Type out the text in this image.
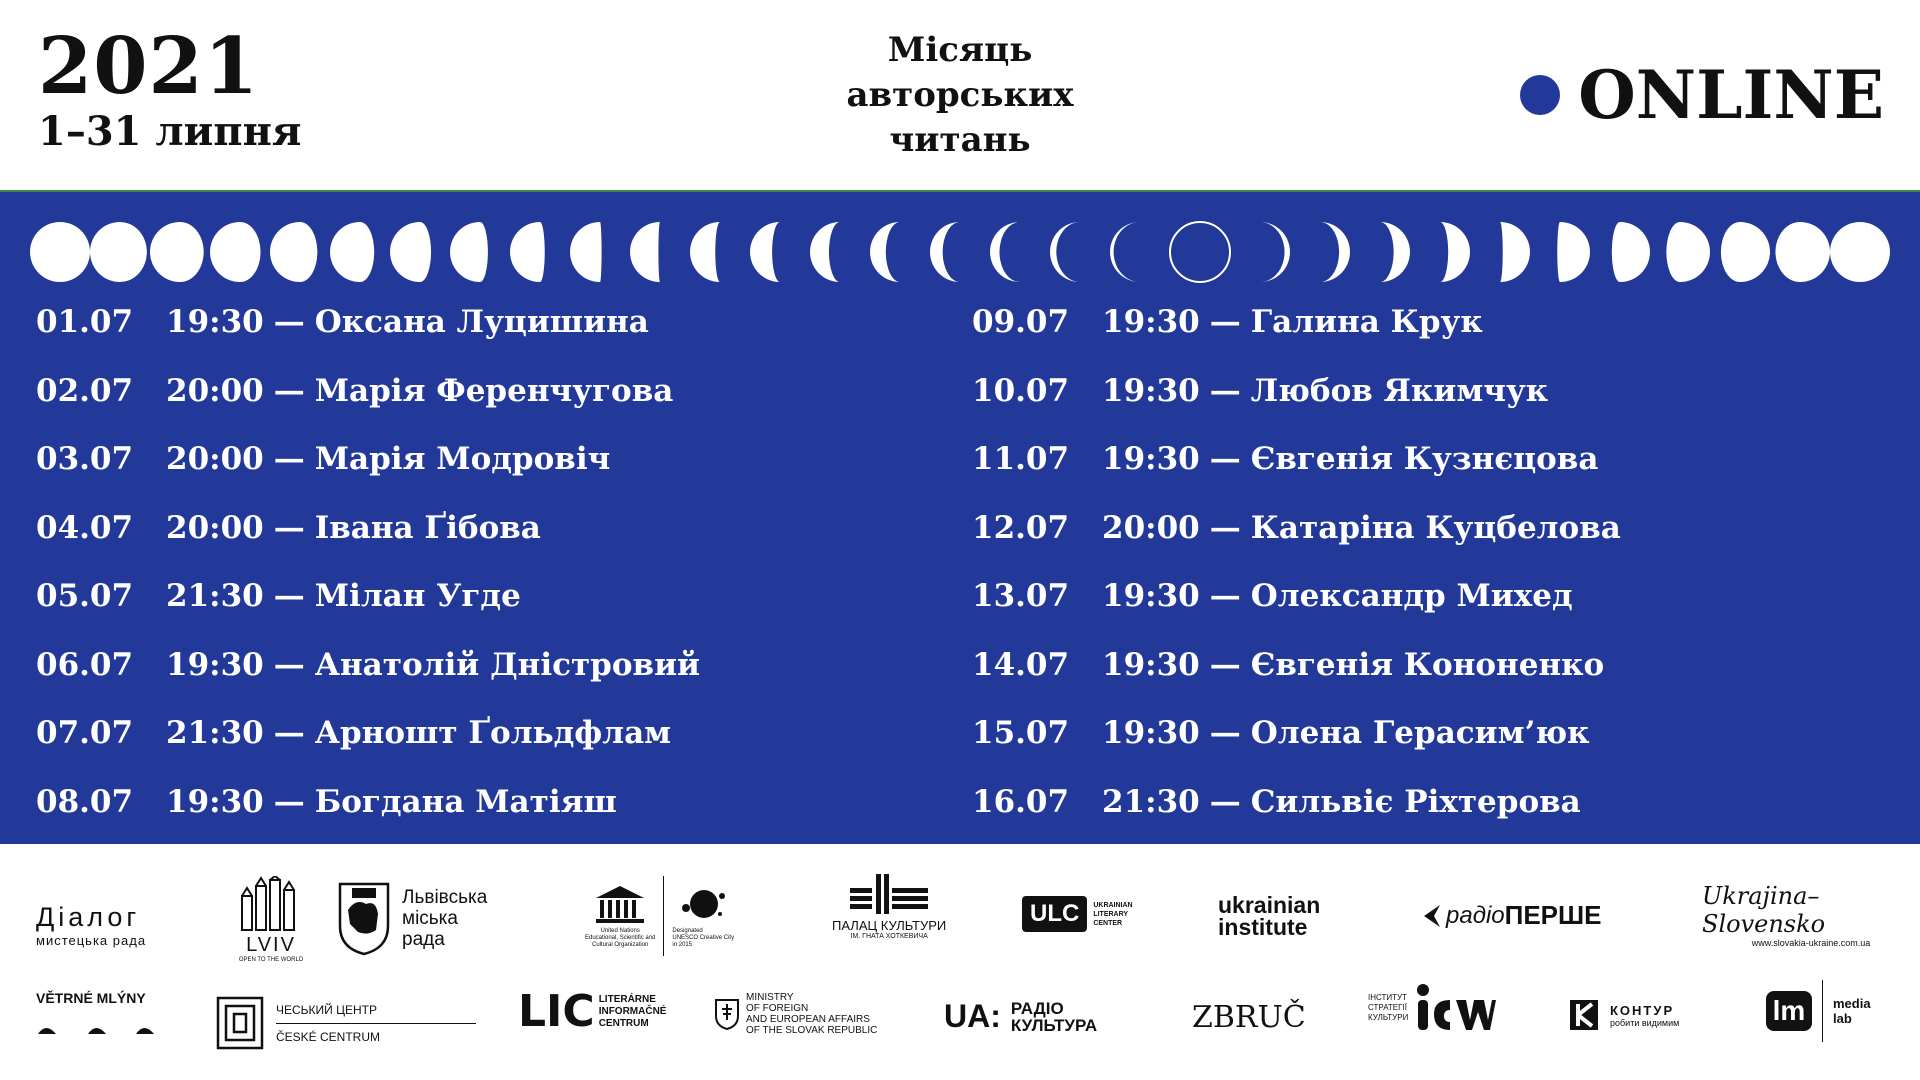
2021
1–31 липня
Місяць
авторських
читань
ONLINE
01.07	19:30 — Оксана Луцишина
02.07	20:00 — Марія Ференчугова
03.07	20:00 — Марія Модровіч
04.07	20:00 — Івана Ґібова
05.07	21:30 — Мілан Угде
06.07	19:30 — Анатолій Дністровий
07.07	21:30 — Арношт Ґольдфлам
08.07	19:30 — Богдана Матіяш
09.07	19:30 — Галина Крук
10.07	19:30 — Любов Якимчук
11.07	19:30 — Євгенія Кузнєцова
12.07	20:00 — Катаріна Куцбелова
13.07	19:30 — Олександр Михед
14.07	19:30 — Євгенія Кононенко
15.07	19:30 — Олена Герасим’юк
16.07	21:30 — Сильвіє Ріхтерова
Діалог
мистецька рада	LVIV
OPEN TO THE WORLD
Львівська
міська
рада	United Nations
Educational, Scientific and
Cultural Organization
Designated
UNESCO Creative City
in 2015
ПАЛАЦ КУЛЬТУРИ
ІМ. ГНАТА ХОТКЕВИЧА
ULC	UKRAINIAN
LITERARY
CENTER
ukrainian
institute	радіо ПЕРШЕ
Ukrajina–Slovensko
www.slovakia-ukraine.com.ua
VĚTRNÉ MLÝNY
ЧЕСЬКИЙ ЦЕНТР
ČESKÉ CENTRUM	LIC LITERÁRNE
INFORMAČNÉ
CENTRUM
MINISTRY
OF FOREIGN
AND EUROPEAN AFFAIRS
OF THE SLOVAK REPUBLIC UA: РАДІО
КУЛЬТУРА	ZBRUČ
ІНСТИТУТ
СТРАТЕГІЇ
КУЛЬТУРИ	КОНТУР
робити видимим	lm	media
lab
